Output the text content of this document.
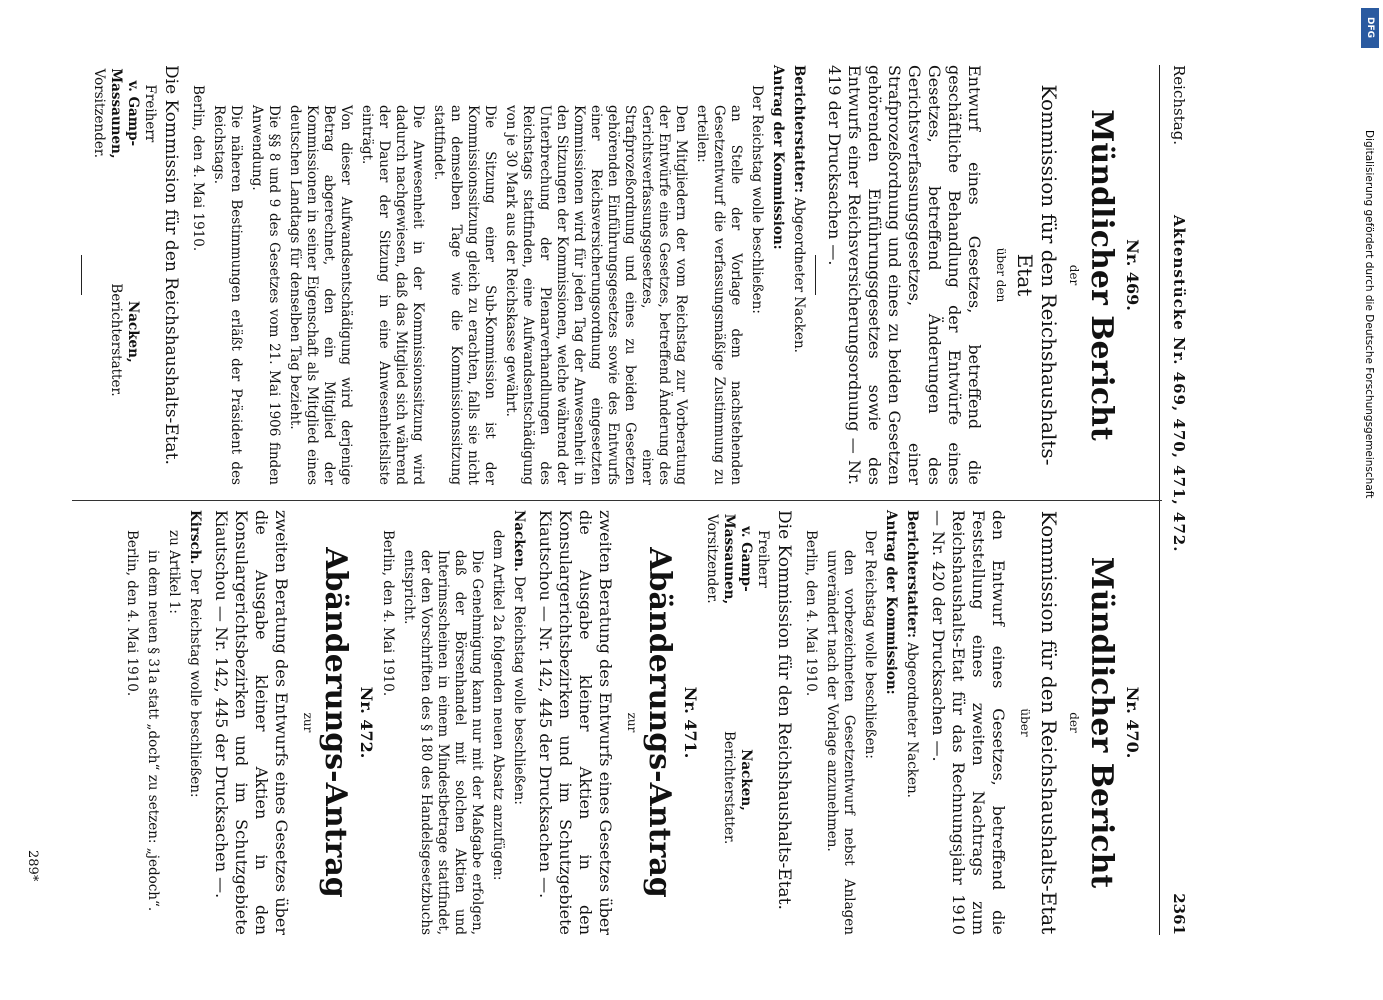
Reichstag.
Aktenstücke Nr. 469, 470, 471, 472.
2361
Nr. 469.
Mündlicher Bericht
der
Kommission für den Reichshaushalts-Etat
über den
Entwurf eines Gesetzes, betreffend die geschäftliche Behandlung der Entwürfe eines Gesetzes, betreffend Änderungen des Gerichtsverfassungsgesetzes, einer Strafprozeßordnung und eines zu beiden Gesetzen gehörenden Einführungsgesetzes sowie des Entwurfs einer Reichsversicherungsordnung — Nr. 419 der Drucksachen —.
Berichterstatter: Abgeordneter Nacken.
Antrag der Kommission:
Der Reichstag wolle beschließen:
an Stelle der Vorlage dem nachstehenden Gesetzentwurf die verfassungsmäßige Zustimmung zu erteilen:
Den Mitgliedern der vom Reichstag zur Vorberatung der Entwürfe eines Gesetzes, betreffend Änderung des Gerichtsverfassungsgesetzes, einer Strafprozeßordnung und eines zu beiden Gesetzen gehörenden Einführungsgesetzes sowie des Entwurfs einer Reichsversicherungsordnung eingesetzten Kommissionen wird für jeden Tag der Anwesenheit in den Sitzungen der Kommissionen, welche während der Unterbrechung der Plenarverhandlungen des Reichstags stattfinden, eine Aufwandsentschädigung von je 30 Mark aus der Reichskasse gewährt.
Die Sitzung einer Sub-Kommission ist der Kommissionssitzung gleich zu erachten, falls sie nicht an demselben Tage wie die Kommissionssitzung stattfindet.
Die Anwesenheit in der Kommissionssitzung wird dadurch nachgewiesen, daß das Mitglied sich während der Dauer der Sitzung in eine Anwesenheitsliste einträgt.
Von dieser Aufwandsentschädigung wird derjenige Betrag abgerechnet, den ein Mitglied der Kommissionen in seiner Eigenschaft als Mitglied eines deutschen Landtags für denselben Tag bezieht.
Die §§ 8 und 9 des Gesetzes vom 21. Mai 1906 finden Anwendung.
Die näheren Bestimmungen erläßt der Präsident des Reichstags.
Berlin, den 4. Mai 1910.
Die Kommission für den Reichshaushalts-Etat.
Freiherr
v. Gamp-Massaunen,
Vorsitzender.

Nacken,
Berichterstatter.
Nr. 470.
Mündlicher Bericht
der
Kommission für den Reichshaushalts-Etat
über
den Entwurf eines Gesetzes, betreffend die Feststellung eines zweiten Nachtrags zum Reichshaushalts-Etat für das Rechnungsjahr 1910 — Nr. 420 der Drucksachen —.
Berichterstatter: Abgeordneter Nacken.
Antrag der Kommission:
Der Reichstag wolle beschließen:
den vorbezeichneten Gesetzentwurf nebst Anlagen unverändert nach der Vorlage anzunehmen.
Berlin, den 4. Mai 1910.
Die Kommission für den Reichshaushalts-Etat.
Freiherr
v. Gamp-Massaunen,
Vorsitzender.

Nacken,
Berichterstatter.
Nr. 471.
Abänderungs-Antrag
zur
zweiten Beratung des Entwurfs eines Gesetzes über die Ausgabe kleiner Aktien in den Konsulargerichtsbezirken und im Schutzgebiete Kiautschou — Nr. 142, 445 der Drucksachen —.
Nacken. Der Reichstag wolle beschließen:
dem Artikel 2a folgenden neuen Absatz anzufügen:
Die Genehmigung kann nur mit der Maßgabe erfolgen, daß der Börsenhandel mit solchen Aktien und Interimsscheinen in einem Mindestbetrage stattfindet, der den Vorschriften des § 180 des Handelsgesetzbuchs entspricht.
Berlin, den 4. Mai 1910.
Nr. 472.
Abänderungs-Antrag
zur
zweiten Beratung des Entwurfs eines Gesetzes über die Ausgabe kleiner Aktien in den Konsulargerichtsbezirken und im Schutzgebiete Kiautschou — Nr. 142, 445 der Drucksachen —.
Kirsch. Der Reichstag wolle beschließen:
zu Artikel 1:
in dem neuen § 31a statt „doch“ zu setzen: „jedoch“.
Berlin, den 4. Mai 1910.
289*
DFG
Digitalisierung gefördert durch die Deutsche Forschungsgemeinschaft
